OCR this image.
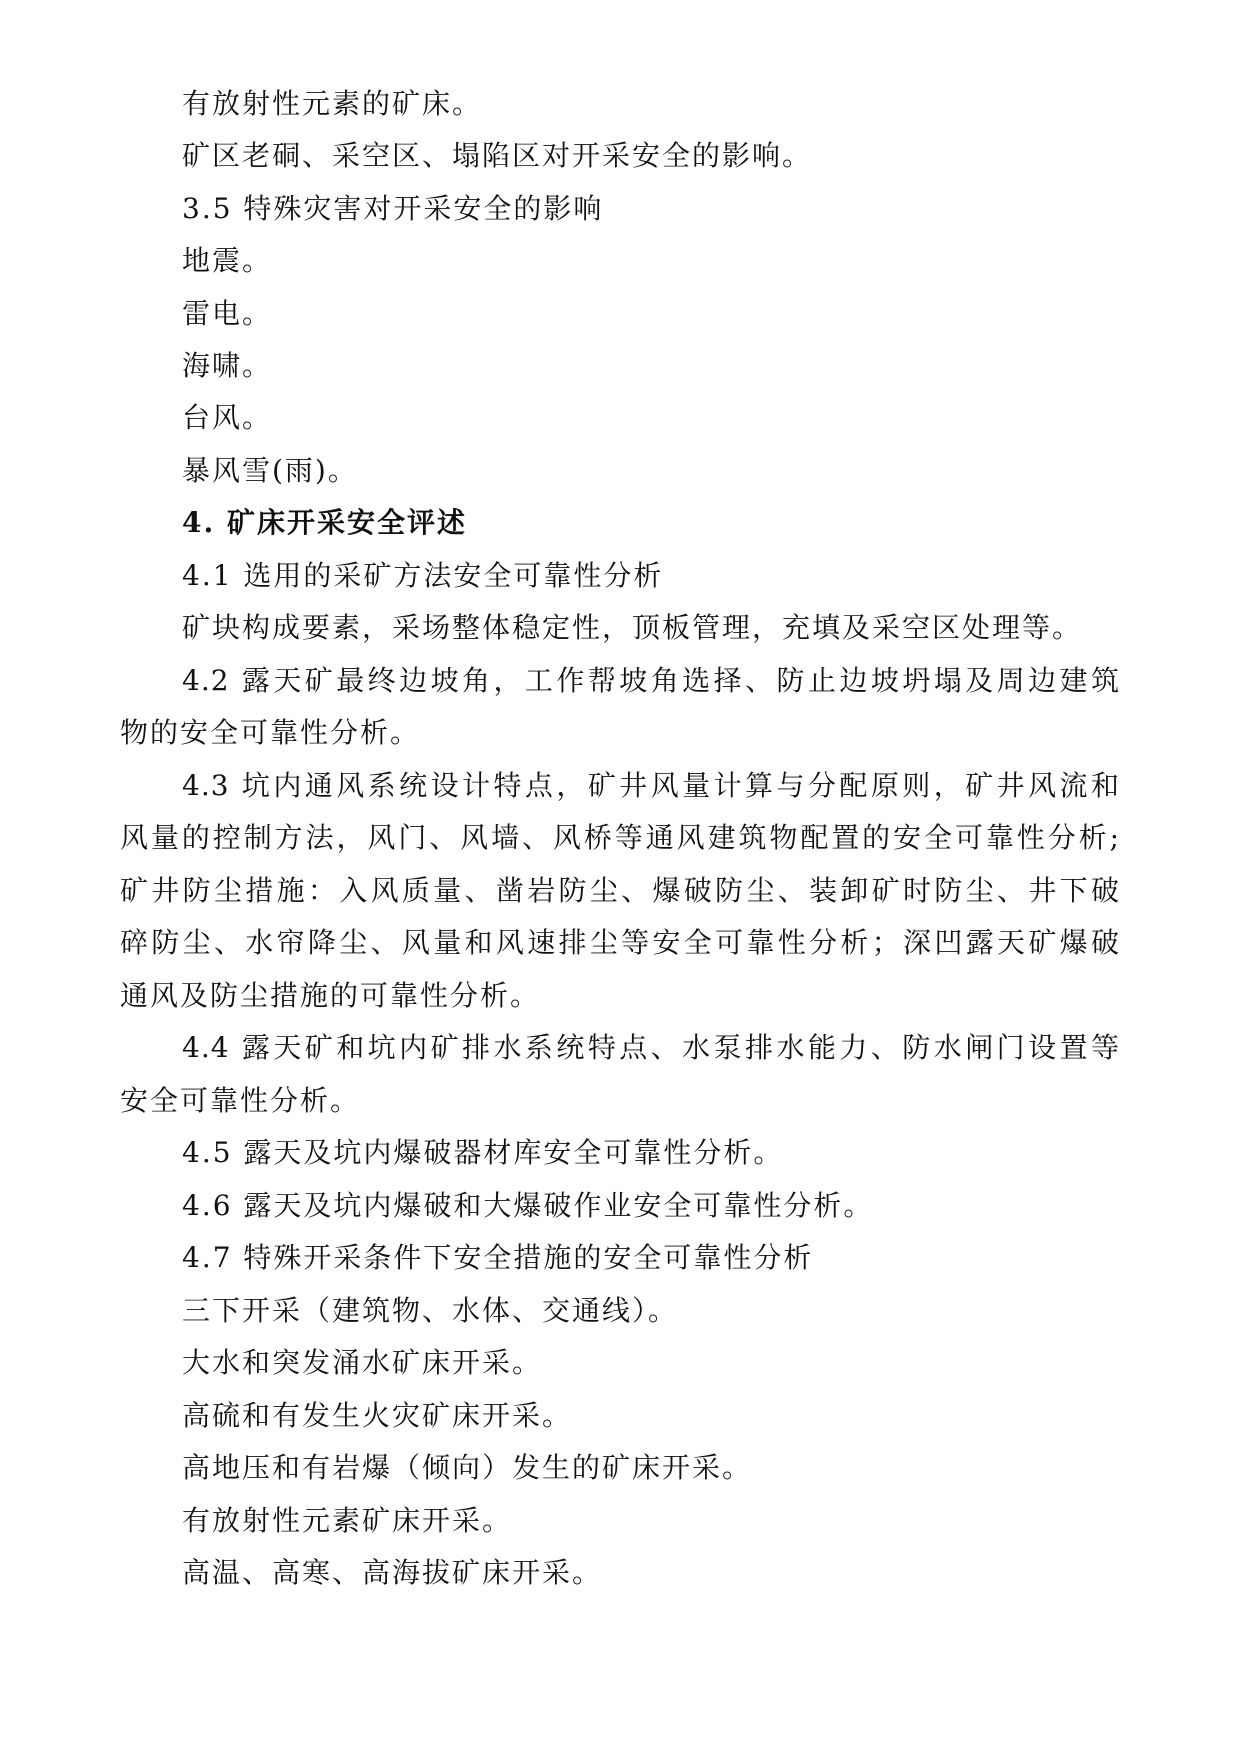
有放射性元素的矿床。
矿区老硐、采空区、塌陷区对开采安全的影响。
3.5 特殊灾害对开采安全的影响
地震。
雷电。
海啸。
台风。
暴风雪(雨)。
4. 矿床开采安全评述
4.1 选用的采矿方法安全可靠性分析
矿块构成要素，采场整体稳定性，顶板管理，充填及采空区处理等。
4.2 露天矿最终边坡角，工作帮坡角选择、防止边坡坍塌及周边建筑
物的安全可靠性分析。
4.3 坑内通风系统设计特点，矿井风量计算与分配原则，矿井风流和
风量的控制方法，风门、风墙、风桥等通风建筑物配置的安全可靠性分析;
矿井防尘措施：入风质量、凿岩防尘、爆破防尘、装卸矿时防尘、井下破
碎防尘、水帘降尘、风量和风速排尘等安全可靠性分析；深凹露天矿爆破
通风及防尘措施的可靠性分析。
4.4 露天矿和坑内矿排水系统特点、水泵排水能力、防水闸门设置等
安全可靠性分析。
4.5 露天及坑内爆破器材库安全可靠性分析。
4.6 露天及坑内爆破和大爆破作业安全可靠性分析。
4.7 特殊开采条件下安全措施的安全可靠性分析
三下开采（建筑物、水体、交通线）。
大水和突发涌水矿床开采。
高硫和有发生火灾矿床开采。
高地压和有岩爆（倾向）发生的矿床开采。
有放射性元素矿床开采。
高温、高寒、高海拔矿床开采。
